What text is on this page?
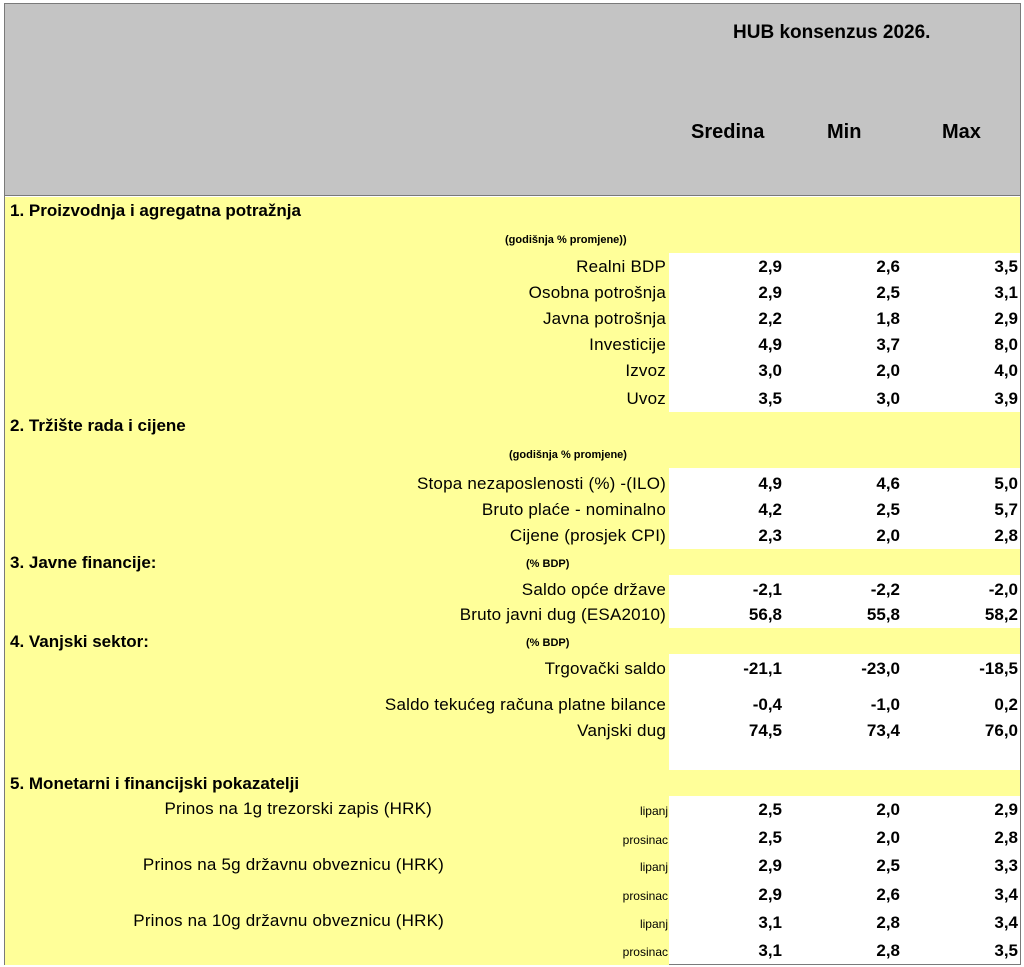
HUB konsenzus 2026.
Sredina	Min	Max
1. Proizvodnja i agregatna potražnja
(godišnja % promjene))
Realni BDP	2,9	2,6	3,5
Osobna potrošnja	2,9	2,5	3,1
Javna potrošnja	2,2	1,8	2,9
Investicije	4,9	3,7	8,0
Izvoz	3,0	2,0	4,0
Uvoz	3,5	3,0	3,9
2. Tržište rada i cijene
(godišnja % promjene)
Stopa nezaposlenosti (%) -(ILO)	4,9	4,6	5,0
Bruto plaće - nominalno	4,2	2,5	5,7
Cijene (prosjek CPI)	2,3	2,0	2,8
3. Javne financije:	(% BDP)
Saldo opće države	-2,1	-2,2	-2,0
Bruto javni dug (ESA2010)	56,8	55,8	58,2
4. Vanjski sektor:	(% BDP)
Trgovački saldo	-21,1	-23,0	-18,5
Saldo tekućeg računa platne bilance	-0,4	-1,0	0,2
Vanjski dug	74,5	73,4	76,0
5. Monetarni i financijski pokazatelji
Prinos na 1g trezorski zapis (HRK)	lipanj	2,5	2,0	2,9
prosinac	2,5	2,0	2,8
Prinos na 5g državnu obveznicu (HRK)	lipanj	2,9	2,5	3,3
prosinac	2,9	2,6	3,4
Prinos na 10g državnu obveznicu (HRK)	lipanj	3,1	2,8	3,4
prosinac	3,1	2,8	3,5
